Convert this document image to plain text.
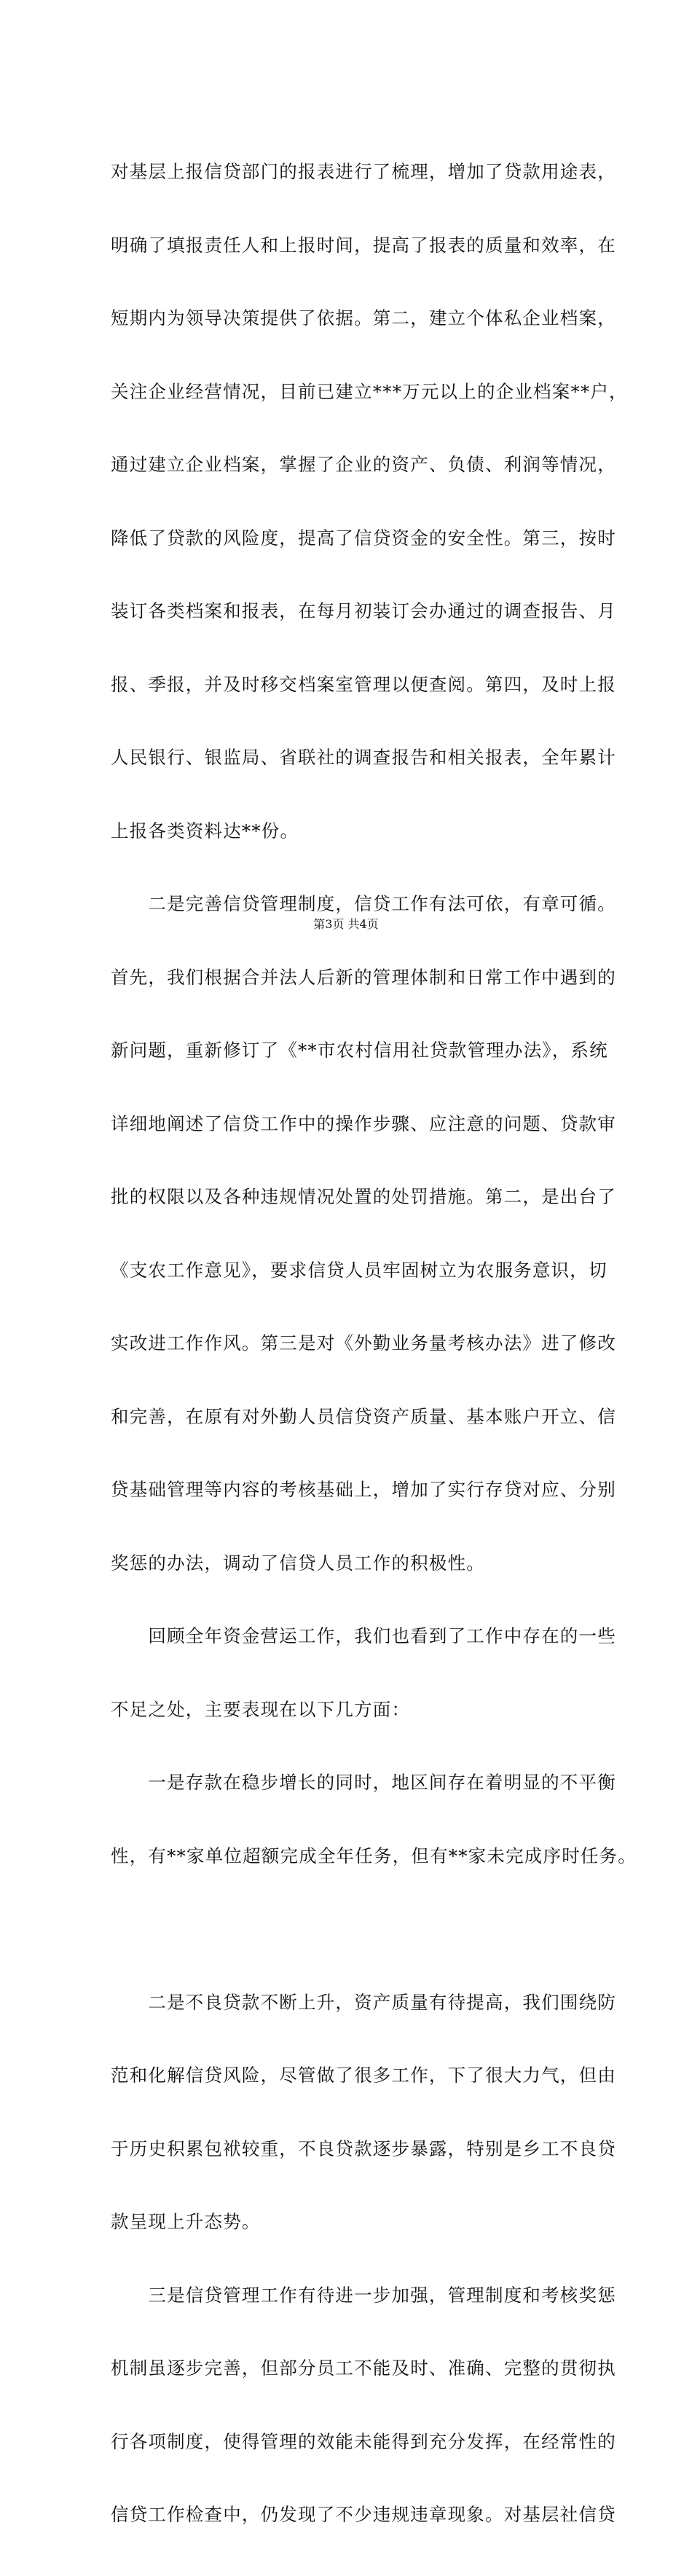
对基层上报信贷部门的报表进行了梳理，增加了贷款用途表，

明确了填报责任人和上报时间，提高了报表的质量和效率，在

短期内为领导决策提供了依据。第二，建立个体私企业档案，

关注企业经营情况，目前已建立***万元以上的企业档案**户，

通过建立企业档案，掌握了企业的资产、负债、利润等情况，

降低了贷款的风险度，提高了信贷资金的安全性。第三，按时

装订各类档案和报表，在每月初装订会办通过的调查报告、月

报、季报，并及时移交档案室管理以便查阅。第四，及时上报

人民银行、银监局、省联社的调查报告和相关报表，全年累计

上报各类资料达**份。

　　二是完善信贷管理制度，信贷工作有法可依，有章可循。

首先，我们根据合并法人后新的管理体制和日常工作中遇到的

新问题，重新修订了《**市农村信用社贷款管理办法》，系统

详细地阐述了信贷工作中的操作步骤、应注意的问题、贷款审

批的权限以及各种违规情况处置的处罚措施。第二，是出台了

《支农工作意见》，要求信贷人员牢固树立为农服务意识，切

实改进工作作风。第三是对《外勤业务量考核办法》进了修改

和完善，在原有对外勤人员信贷资产质量、基本账户开立、信

贷基础管理等内容的考核基础上，增加了实行存贷对应、分别

奖惩的办法，调动了信贷人员工作的积极性。

　　回顾全年资金营运工作，我们也看到了工作中存在的一些

不足之处，主要表现在以下几方面：

　　一是存款在稳步增长的同时，地区间存在着明显的不平衡

性，有**家单位超额完成全年任务，但有**家未完成序时任务。

　　二是不良贷款不断上升，资产质量有待提高，我们围绕防

范和化解信贷风险，尽管做了很多工作，下了很大力气，但由

于历史积累包袱较重，不良贷款逐步暴露，特别是乡工不良贷

款呈现上升态势。

　　三是信贷管理工作有待进一步加强，管理制度和考核奖惩

机制虽逐步完善，但部分员工不能及时、准确、完整的贯彻执

行各项制度，使得管理的效能未能得到充分发挥，在经常性的

信贷工作检查中，仍发现了不少违规违章现象。对基层社信贷

第3页 共4页
